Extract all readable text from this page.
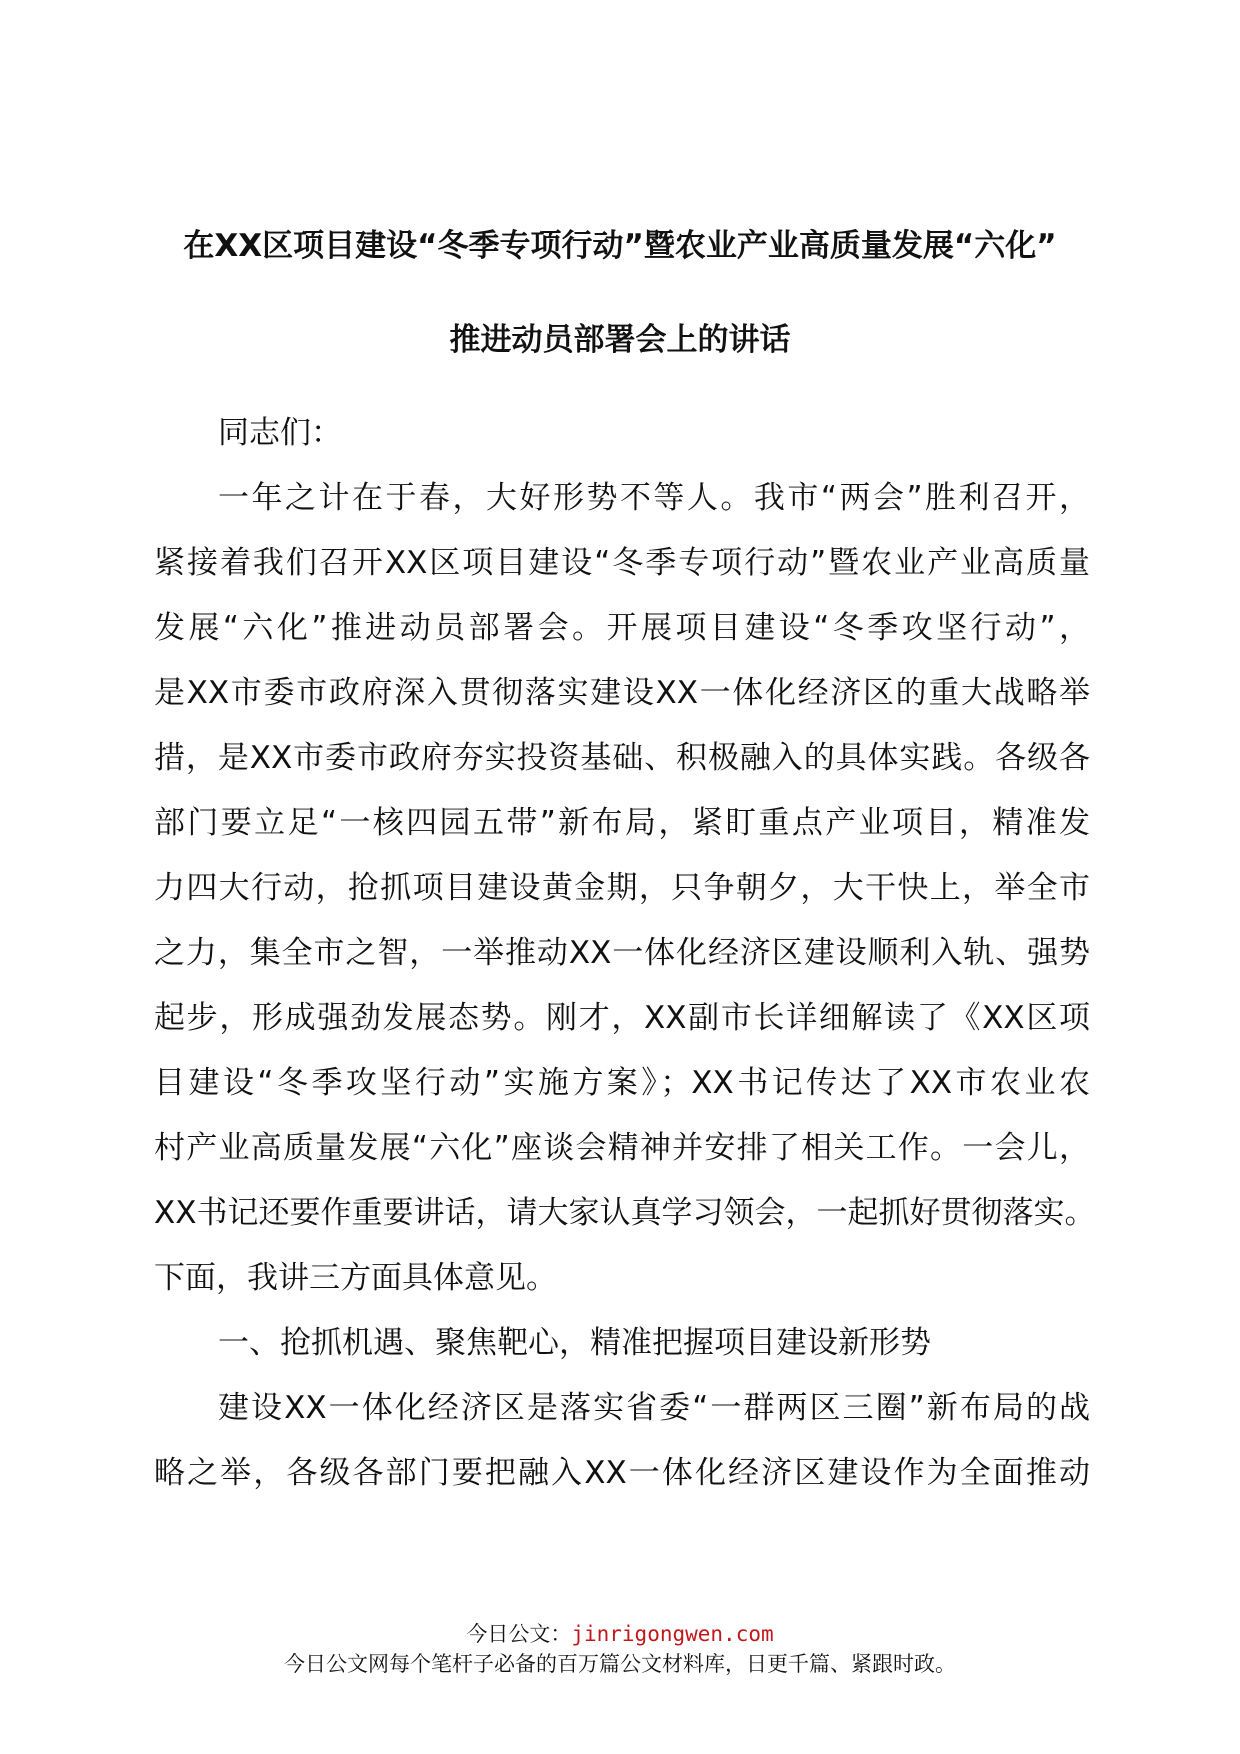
在XX区项目建设“冬季专项行动”暨农业产业高质量发展“六化”
推进动员部署会上的讲话
同志们：
一年之计在于春，大好形势不等人。我市“两会”胜利召开，
紧接着我们召开XX区项目建设“冬季专项行动”暨农业产业高质量
发展“六化”推进动员部署会。开展项目建设“冬季攻坚行动”，
是XX市委市政府深入贯彻落实建设XX一体化经济区的重大战略举
措，是XX市委市政府夯实投资基础、积极融入的具体实践。各级各
部门要立足“一核四园五带”新布局，紧盯重点产业项目，精准发
力四大行动，抢抓项目建设黄金期，只争朝夕，大干快上，举全市
之力，集全市之智，一举推动XX一体化经济区建设顺利入轨、强势
起步，形成强劲发展态势。刚才，XX副市长详细解读了《XX区项
目建设“冬季攻坚行动”实施方案》；XX书记传达了XX市农业农
村产业高质量发展“六化”座谈会精神并安排了相关工作。一会儿，
XX书记还要作重要讲话，请大家认真学习领会，一起抓好贯彻落实。
下面，我讲三方面具体意见。
一、抢抓机遇、聚焦靶心，精准把握项目建设新形势
建设XX一体化经济区是落实省委“一群两区三圈”新布局的战
略之举，各级各部门要把融入XX一体化经济区建设作为全面推动
今日公文：jinrigongwen.com
今日公文网每个笔杆子必备的百万篇公文材料库，日更千篇、紧跟时政。
